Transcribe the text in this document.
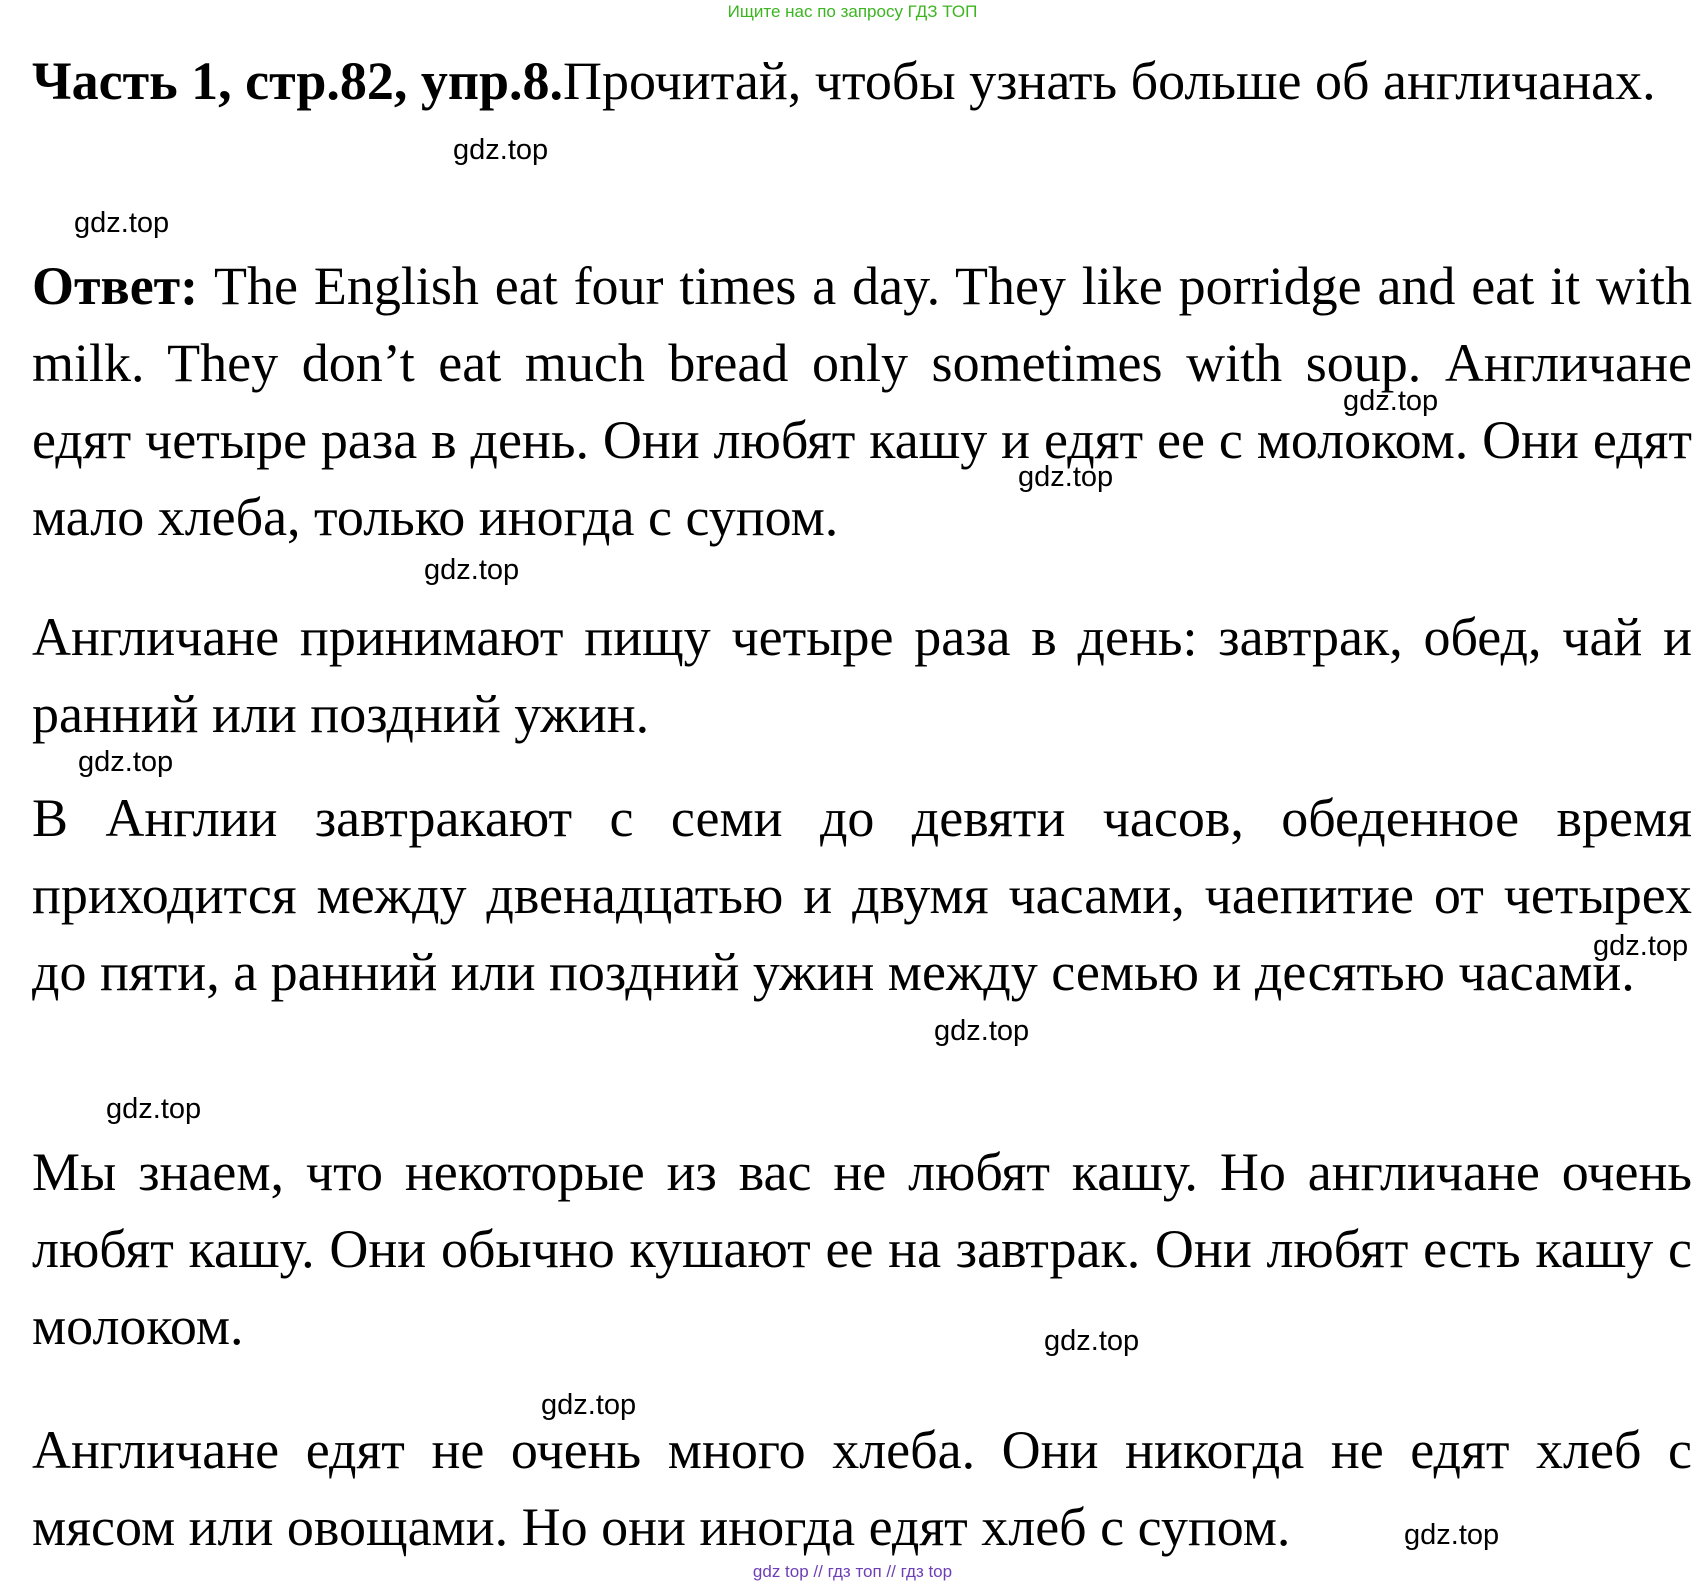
Ищите нас по запросу ГДЗ ТОП

Часть 1, стр.82, упр.8.Прочитай, чтобы узнать больше об англичанах.

Ответ: The English eat four times a day. They like porridge and eat it with milk. They don’t eat much bread only sometimes with soup. Англичане едят четыре раза в день. Они любят кашу и едят ее с молоком. Они едят мало хлеба, только иногда с супом.

Англичане принимают пищу четыре раза в день: завтрак, обед, чай и ранний или поздний ужин.

В Англии завтракают с семи до девяти часов, обеденное время приходится между двенадцатью и двумя часами, чаепитие от четырех до пяти, а ранний или поздний ужин между семью и десятью часами.

Мы знаем, что некоторые из вас не любят кашу. Но англичане очень любят кашу. Они обычно кушают ее на завтрак. Они любят есть кашу с молоком.

Англичане едят не очень много хлеба. Они никогда не едят хлеб с мясом или овощами. Но они иногда едят хлеб с супом.

gdz.top
gdz.top
gdz.top
gdz.top
gdz.top
gdz.top
gdz.top
gdz.top
gdz.top
gdz.top
gdz.top
gdz.top
gdz top // гдз топ // гдз top
